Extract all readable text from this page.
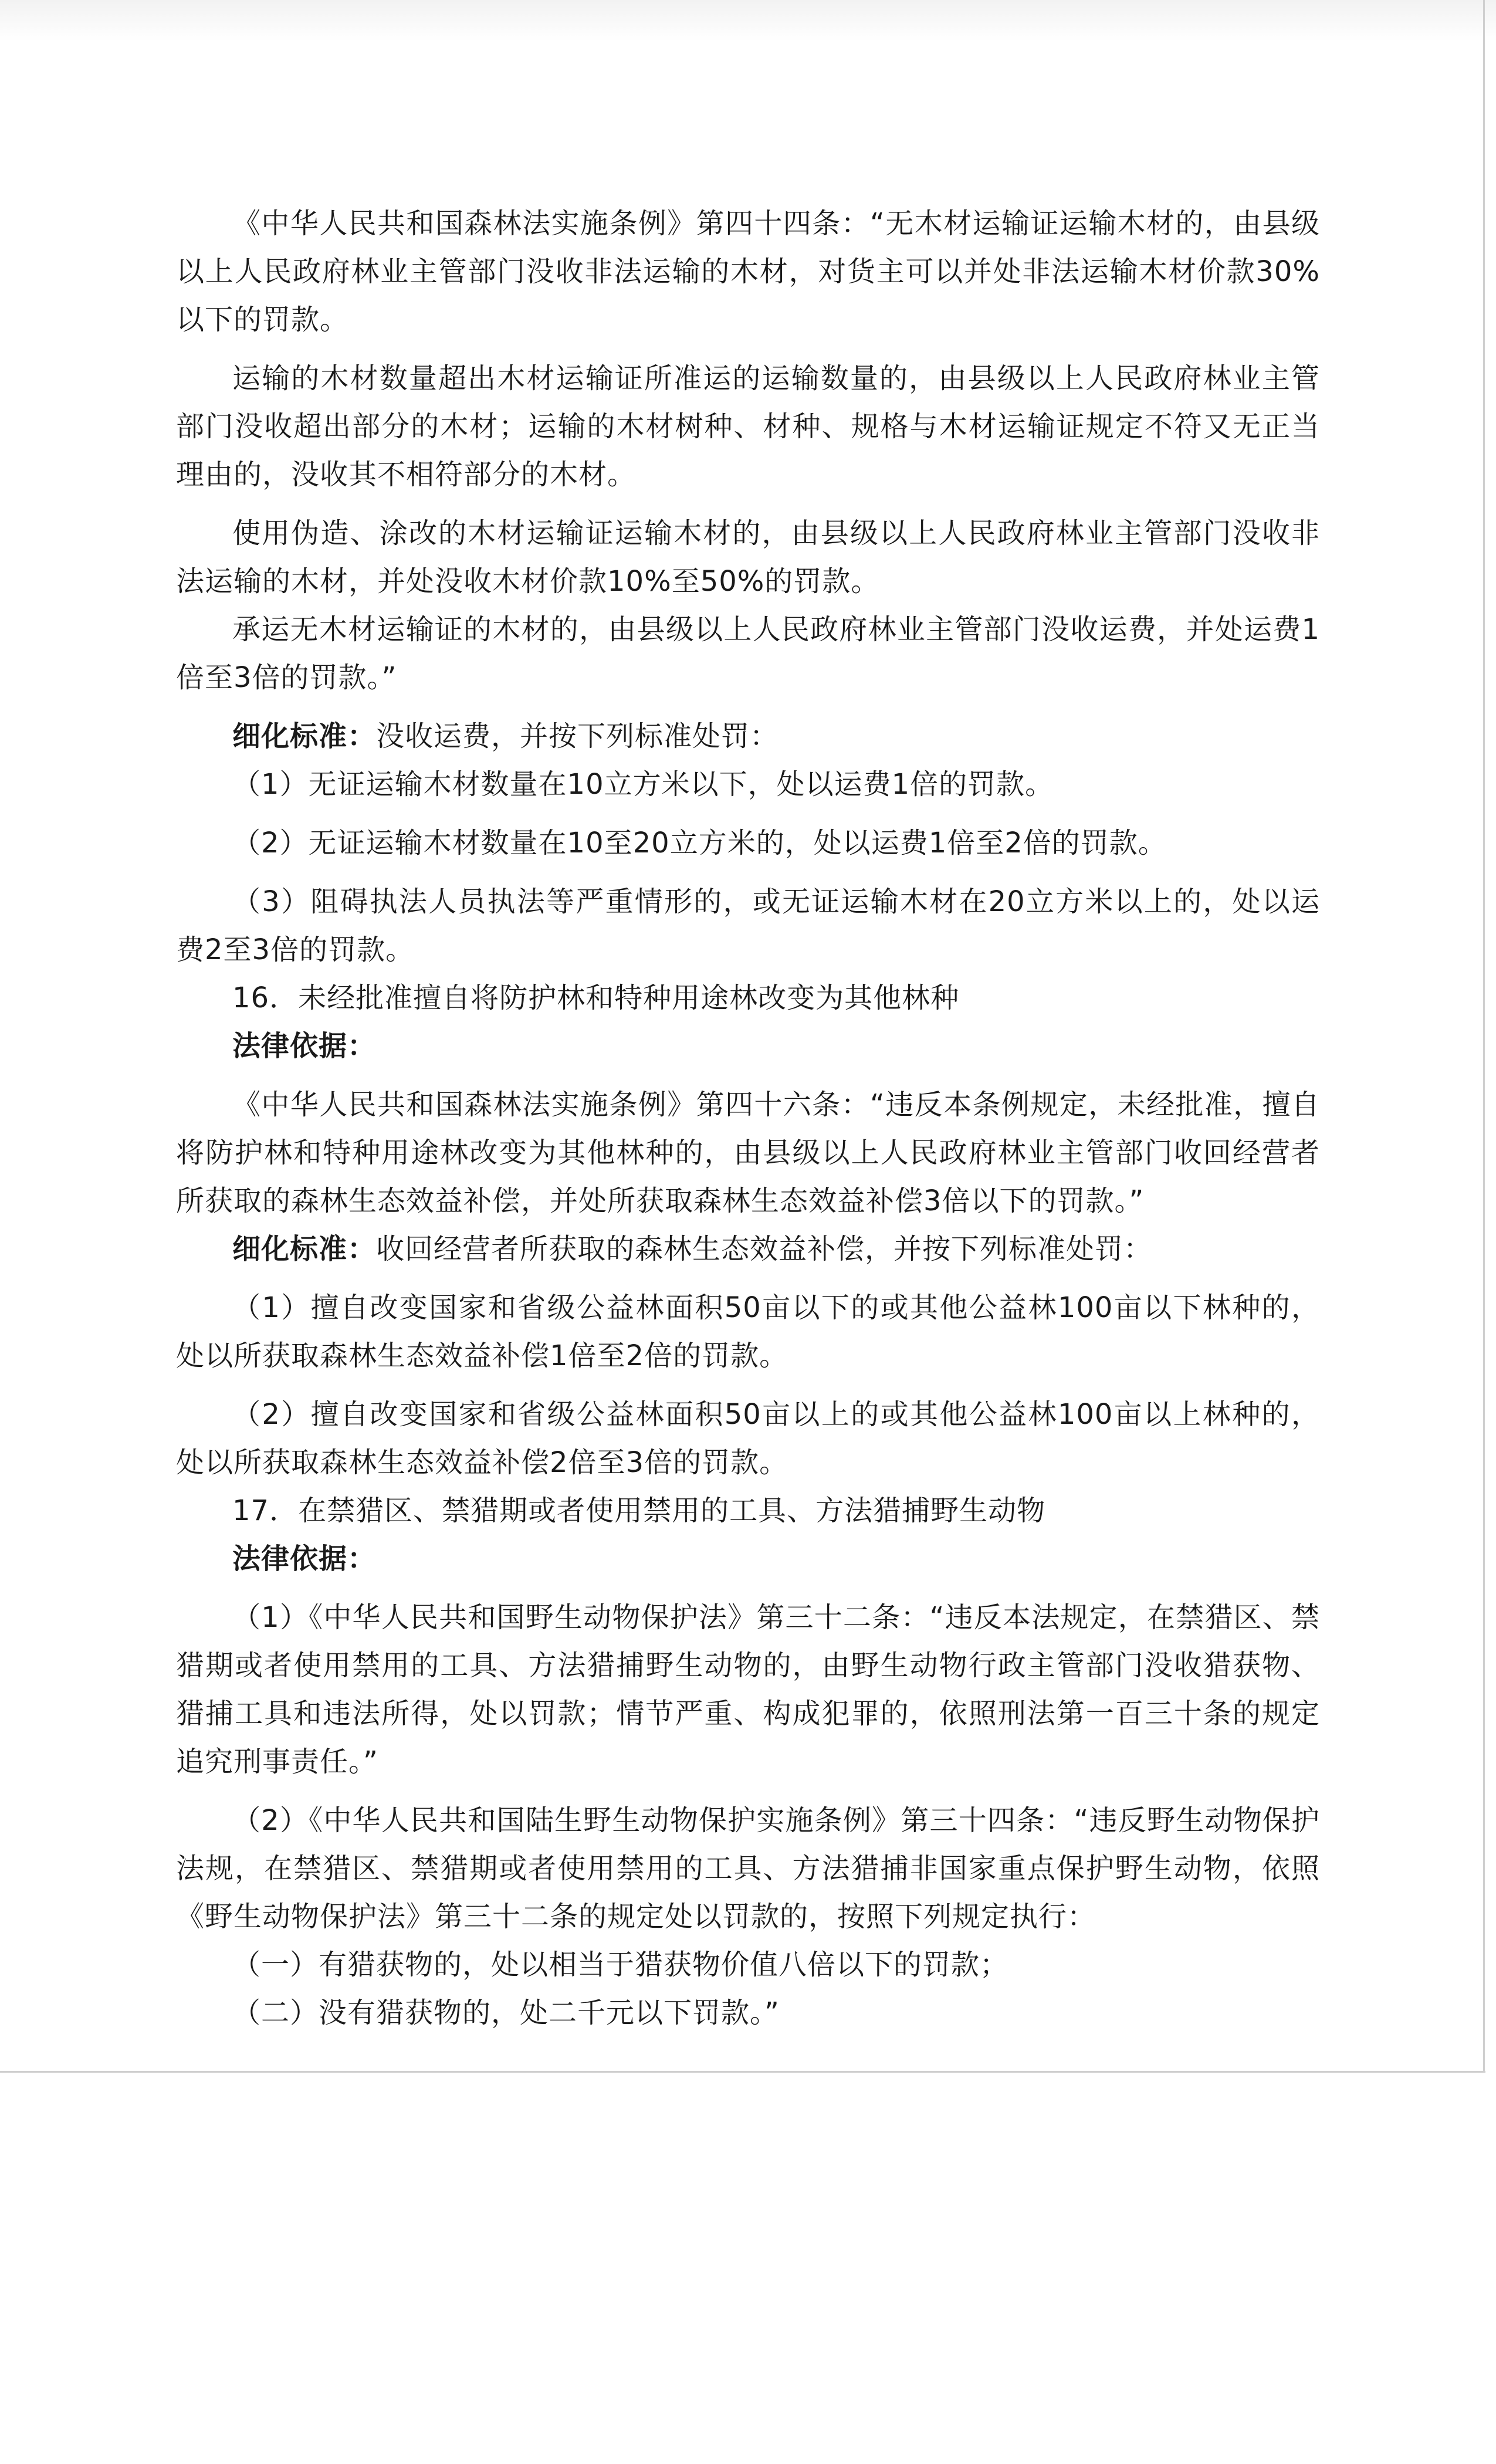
《中华人民共和国森林法实施条例》第四十四条：“无木材运输证运输木材的，由县级以上人民政府林业主管部门没收非法运输的木材，对货主可以并处非法运输木材价款30%以下的罚款。

运输的木材数量超出木材运输证所准运的运输数量的，由县级以上人民政府林业主管部门没收超出部分的木材；运输的木材树种、材种、规格与木材运输证规定不符又无正当理由的，没收其不相符部分的木材。

使用伪造、涂改的木材运输证运输木材的，由县级以上人民政府林业主管部门没收非法运输的木材，并处没收木材价款10%至50%的罚款。

承运无木材运输证的木材的，由县级以上人民政府林业主管部门没收运费，并处运费1倍至3倍的罚款。”

细化标准：没收运费，并按下列标准处罚：

（1）无证运输木材数量在10立方米以下，处以运费1倍的罚款。

（2）无证运输木材数量在10至20立方米的，处以运费1倍至2倍的罚款。

（3）阻碍执法人员执法等严重情形的，或无证运输木材在20立方米以上的，处以运费2至3倍的罚款。

16．未经批准擅自将防护林和特种用途林改变为其他林种

法律依据：

《中华人民共和国森林法实施条例》第四十六条：“违反本条例规定，未经批准，擅自将防护林和特种用途林改变为其他林种的，由县级以上人民政府林业主管部门收回经营者所获取的森林生态效益补偿，并处所获取森林生态效益补偿3倍以下的罚款。”

细化标准：收回经营者所获取的森林生态效益补偿，并按下列标准处罚：

（1）擅自改变国家和省级公益林面积50亩以下的或其他公益林100亩以下林种的，处以所获取森林生态效益补偿1倍至2倍的罚款。

（2）擅自改变国家和省级公益林面积50亩以上的或其他公益林100亩以上林种的，处以所获取森林生态效益补偿2倍至3倍的罚款。

17．在禁猎区、禁猎期或者使用禁用的工具、方法猎捕野生动物

法律依据：

（1）《中华人民共和国野生动物保护法》第三十二条：“违反本法规定，在禁猎区、禁猎期或者使用禁用的工具、方法猎捕野生动物的，由野生动物行政主管部门没收猎获物、猎捕工具和违法所得，处以罚款；情节严重、构成犯罪的，依照刑法第一百三十条的规定追究刑事责任。”

（2）《中华人民共和国陆生野生动物保护实施条例》第三十四条：“违反野生动物保护法规，在禁猎区、禁猎期或者使用禁用的工具、方法猎捕非国家重点保护野生动物，依照《野生动物保护法》第三十二条的规定处以罚款的，按照下列规定执行：

（一）有猎获物的，处以相当于猎获物价值八倍以下的罚款；

（二）没有猎获物的，处二千元以下罚款。”
